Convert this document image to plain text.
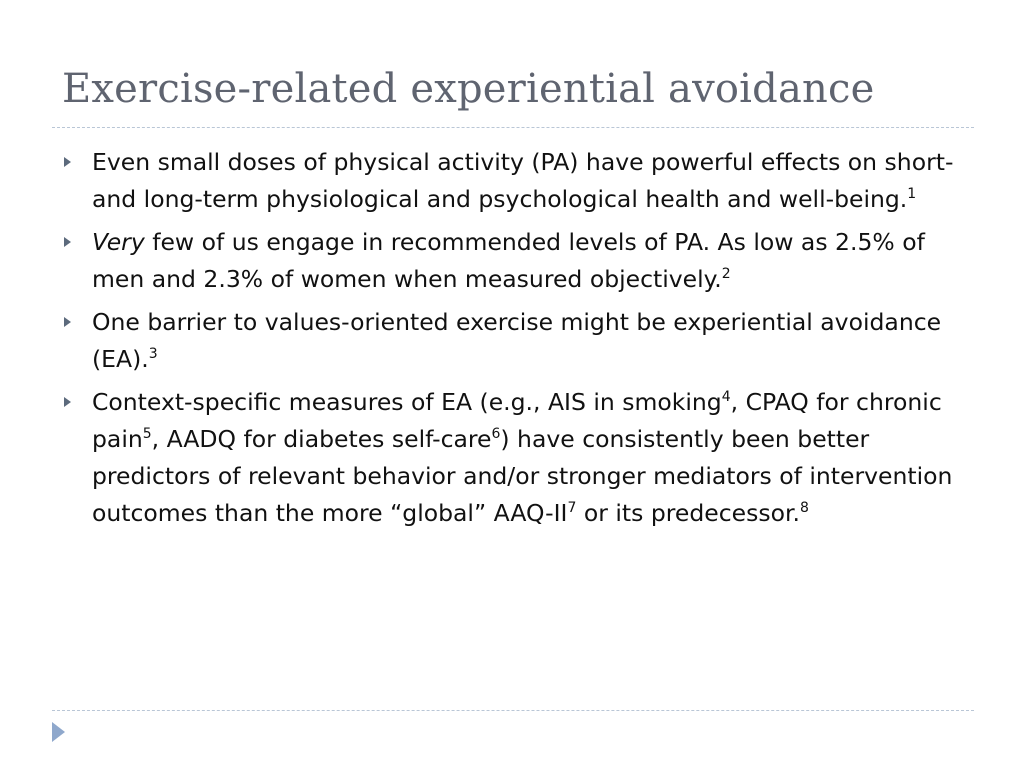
Exercise-related experiential avoidance
Even small doses of physical activity (PA) have powerful effects on short- and long-term physiological and psychological health and well-being.$^1$
Very few of us engage in recommended levels of PA. As low as 2.5% of men and 2.3% of women when measured objectively.$^2$
One barrier to values-oriented exercise might be experiential avoidance (EA).$^3$
Context-specific measures of EA (e.g., AIS in smoking$^4$, CPAQ for chronic pain$^5$, AADQ for diabetes self-care$^6$) have consistently been better predictors of relevant behavior and/or stronger mediators of intervention outcomes than the more “global” AAQ-$II^7$ or its predecessor.$^8$
